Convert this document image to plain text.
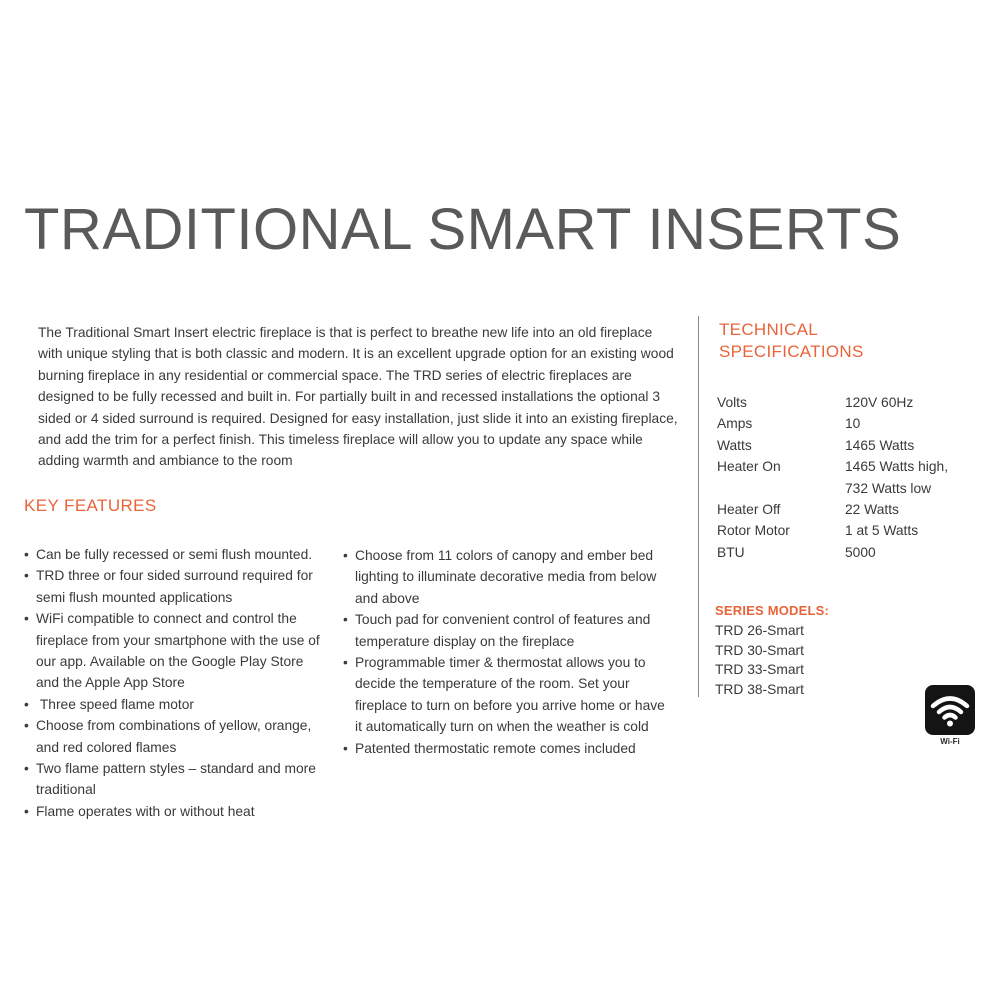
TRADITIONAL SMART INSERTS

The Traditional Smart Insert electric fireplace is that is perfect to breathe new life into an old fireplace with unique styling that is both classic and modern. It is an excellent upgrade option for an existing wood burning fireplace in any residential or commercial space. The TRD series of electric fireplaces are designed to be fully recessed and built in. For partially built in and recessed installations the optional 3 sided or 4 sided surround is required. Designed for easy installation, just slide it into an existing fireplace, and add the trim for a perfect finish. This timeless fireplace will allow you to update any space while adding warmth and ambiance to the room

KEY FEATURES
• Can be fully recessed or semi flush mounted.
• TRD three or four sided surround required for semi flush mounted applications
• WiFi compatible to connect and control the fireplace from your smartphone with the use of our app. Available on the Google Play Store and the Apple App Store
• Three speed flame motor
• Choose from combinations of yellow, orange, and red colored flames
• Two flame pattern styles – standard and more traditional
• Flame operates with or without heat
• Choose from 11 colors of canopy and ember bed lighting to illuminate decorative media from below and above
• Touch pad for convenient control of features and temperature display on the fireplace
• Programmable timer & thermostat allows you to decide the temperature of the room. Set your fireplace to turn on before you arrive home or have it automatically turn on when the weather is cold
• Patented thermostatic remote comes included
TECHNICAL
SPECIFICATIONS
Volts	120V 60Hz
Amps	10
Watts	1465 Watts
Heater On	1465 Watts high,
732 Watts low
Heater Off	22 Watts
Rotor Motor	1 at 5 Watts
BTU	5000
SERIES MODELS:
TRD 26-Smart
TRD 30-Smart
TRD 33-Smart
TRD 38-Smart
Wi-Fi
